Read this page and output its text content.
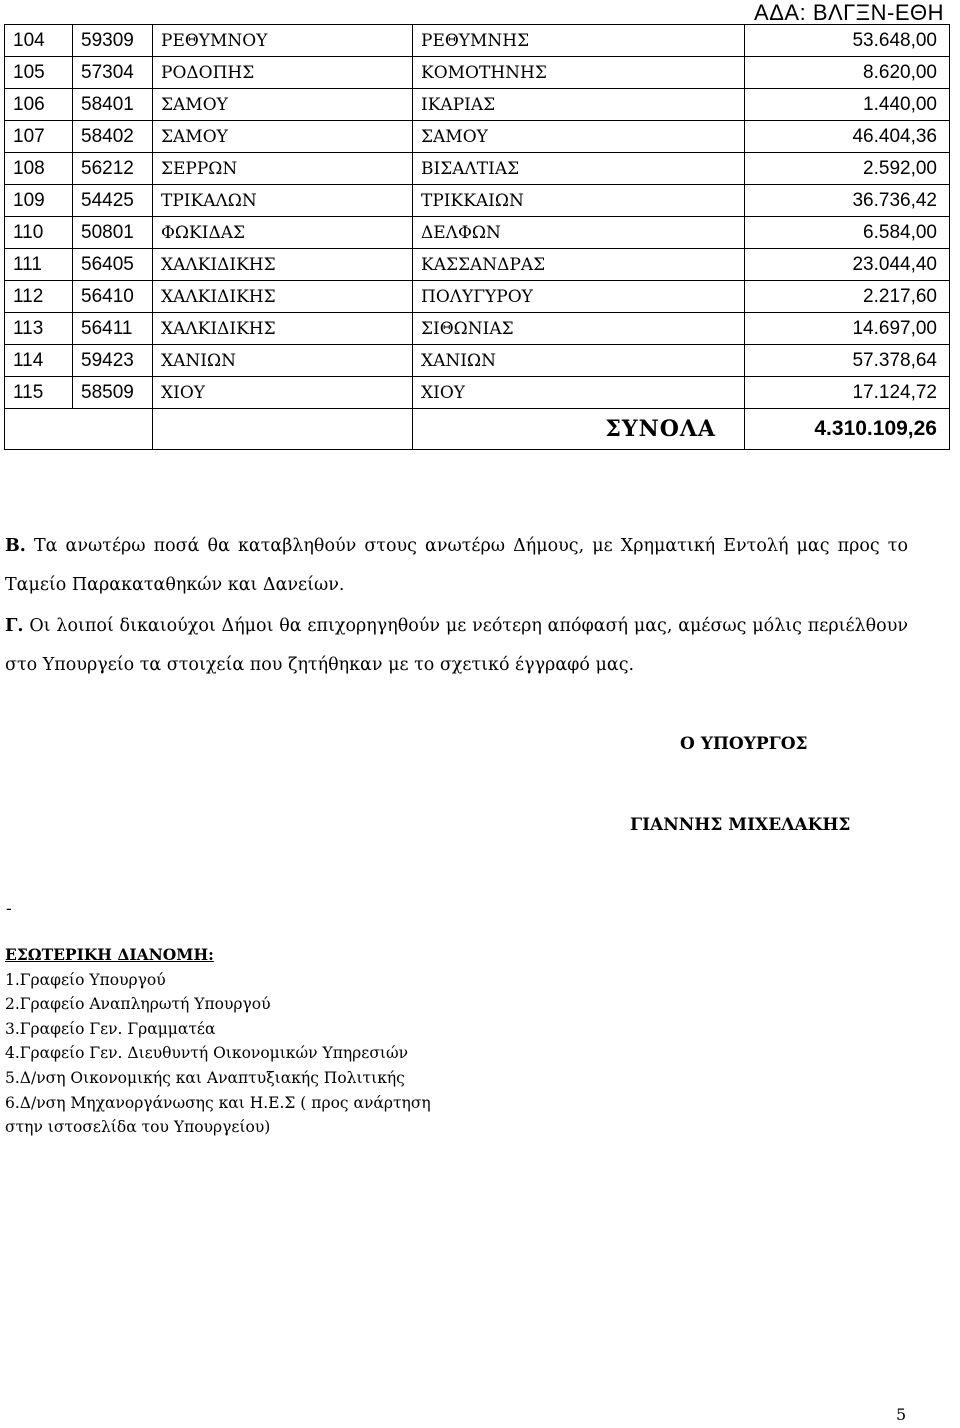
ΑΔΑ: ΒΛΓΞΝ-ΕΘΗ
104	59309	ΡΕΘΥΜΝΟΥ	ΡΕΘΥΜΝΗΣ	53.648,00
105	57304	ΡΟΔΟΠΗΣ	ΚΟΜΟΤΗΝΗΣ	8.620,00
106	58401	ΣΑΜΟΥ	ΙΚΑΡΙΑΣ	1.440,00
107	58402	ΣΑΜΟΥ	ΣΑΜΟΥ	46.404,36
108	56212	ΣΕΡΡΩΝ	ΒΙΣΑΛΤΙΑΣ	2.592,00
109	54425	ΤΡΙΚΑΛΩΝ	ΤΡΙΚΚΑΙΩΝ	36.736,42
110	50801	ΦΩΚΙΔΑΣ	ΔΕΛΦΩΝ	6.584,00
111	56405	ΧΑΛΚΙΔΙΚΗΣ	ΚΑΣΣΑΝΔΡΑΣ	23.044,40
112	56410	ΧΑΛΚΙΔΙΚΗΣ	ΠΟΛΥΓΥΡΟΥ	2.217,60
113	56411	ΧΑΛΚΙΔΙΚΗΣ	ΣΙΘΩΝΙΑΣ	14.697,00
114	59423	ΧΑΝΙΩΝ	ΧΑΝΙΩΝ	57.378,64
115	58509	ΧΙΟΥ	ΧΙΟΥ	17.124,72
			ΣΥΝΟΛΑ	4.310.109,26
Β. Τα ανωτέρω ποσά θα καταβληθούν στους ανωτέρω Δήμους, με Χρηματική Εντολή μας προς το Ταμείο Παρακαταθηκών και Δανείων.
Γ. Οι λοιποί δικαιούχοι Δήμοι θα επιχορηγηθούν με νεότερη απόφασή μας, αμέσως μόλις περιέλθουν στο Υπουργείο τα στοιχεία που ζητήθηκαν με το σχετικό έγγραφό μας.
Ο ΥΠΟΥΡΓΟΣ
ΓΙΑΝΝΗΣ ΜΙΧΕΛΑΚΗΣ
-
ΕΣΩΤΕΡΙΚΗ ΔΙΑΝΟΜΗ:
1.Γραφείο Υπουργού
2.Γραφείο Αναπληρωτή Υπουργού
3.Γραφείο Γεν. Γραμματέα
4.Γραφείο Γεν. Διευθυντή Οικονομικών Υπηρεσιών
5.Δ/νση Οικονομικής και Αναπτυξιακής Πολιτικής
6.Δ/νση Μηχανοργάνωσης και Η.Ε.Σ ( προς ανάρτηση
στην ιστοσελίδα του Υπουργείου)
5
